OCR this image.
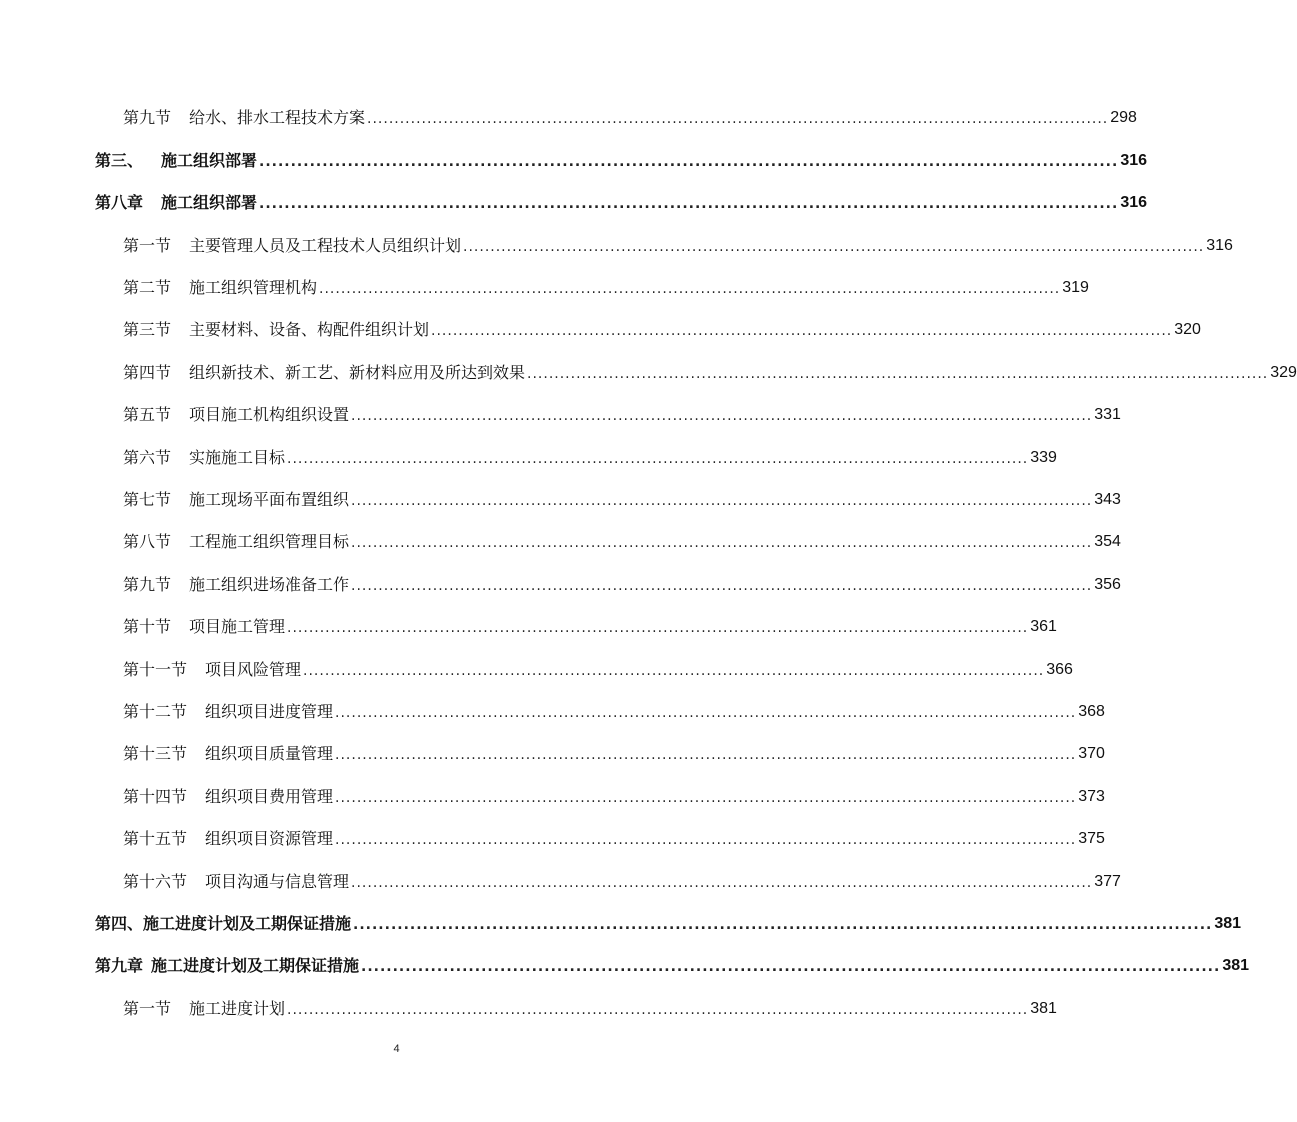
第九节 给水、排水工程技术方案 ........................................................................................................................................ 298
第三、 施工组织部署 ........................................................................................................................................ 316
第八章 施工组织部署 ........................................................................................................................................ 316
第一节 主要管理人员及工程技术人员组织计划 ........................................................................................................................................ 316
第二节 施工组织管理机构 ........................................................................................................................................ 319
第三节 主要材料、设备、构配件组织计划 ........................................................................................................................................ 320
第四节 组织新技术、新工艺、新材料应用及所达到效果 ........................................................................................................................................ 329
第五节 项目施工机构组织设置 ........................................................................................................................................ 331
第六节 实施施工目标 ........................................................................................................................................ 339
第七节 施工现场平面布置组织 ........................................................................................................................................ 343
第八节 工程施工组织管理目标 ........................................................................................................................................ 354
第九节 施工组织进场准备工作 ........................................................................................................................................ 356
第十节 项目施工管理 ........................................................................................................................................ 361
第十一节 项目风险管理 ........................................................................................................................................ 366
第十二节 组织项目进度管理 ........................................................................................................................................ 368
第十三节 组织项目质量管理 ........................................................................................................................................ 370
第十四节 组织项目费用管理 ........................................................................................................................................ 373
第十五节 组织项目资源管理 ........................................................................................................................................ 375
第十六节 项目沟通与信息管理 ........................................................................................................................................ 377
第四、施工进度计划及工期保证措施 ........................................................................................................................................ 381
第九章 施工进度计划及工期保证措施 ........................................................................................................................................ 381
第一节 施工进度计划 ........................................................................................................................................ 381
4
